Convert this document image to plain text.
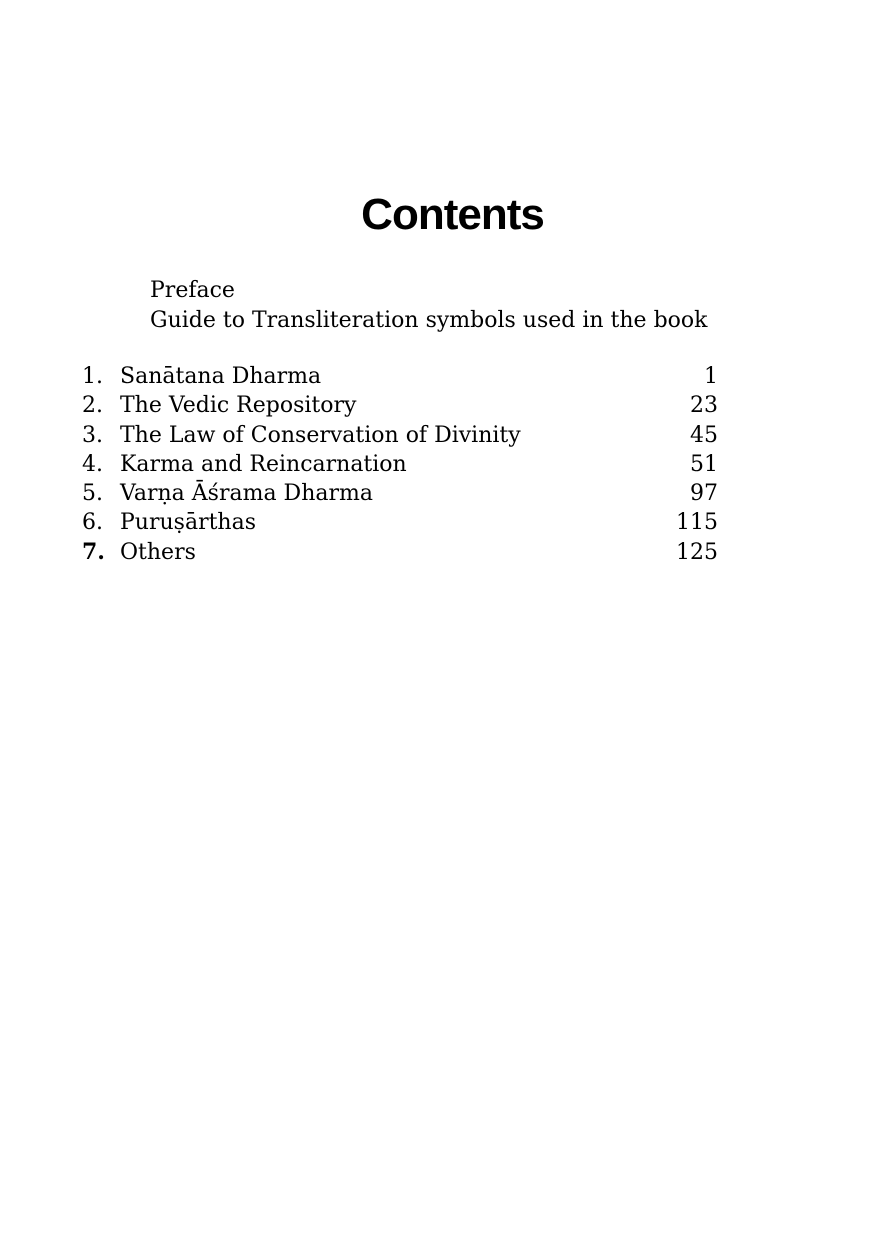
Contents
Preface
Guide to Transliteration symbols used in the book
1. Sanātana Dharma	1
2. The Vedic Repository	23
3. The Law of Conservation of Divinity	45
4. Karma and Reincarnation	51
5. Varṇa Āśrama Dharma	97
6. Puruṣārthas	115
7. Others	125
